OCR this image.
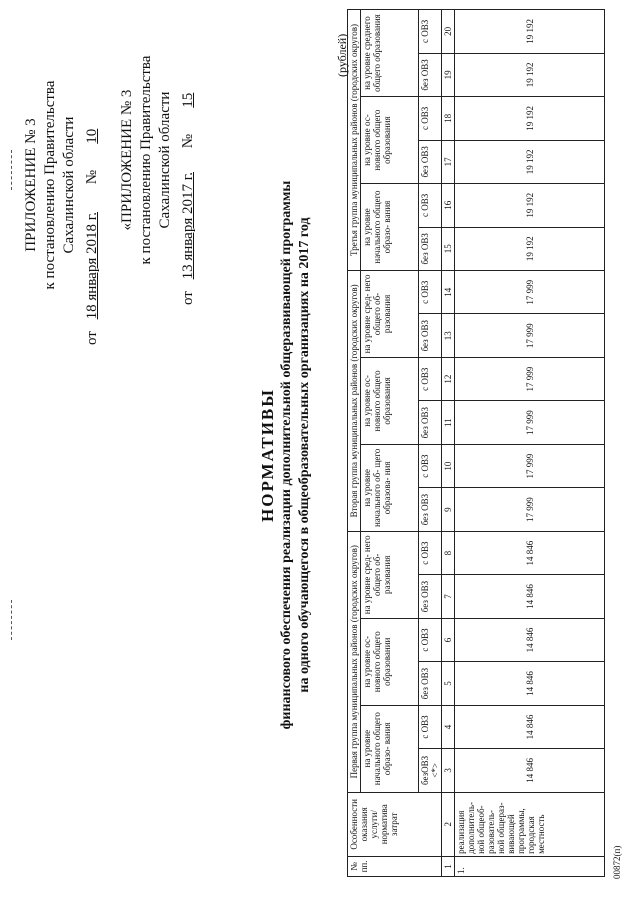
ПРИЛОЖЕНИЕ № 3 к постановлению Правительства Сахалинской области
от 18 января 2018 г. № 10 «ПРИЛОЖЕНИЕ № 3 к постановлению Правительства Сахалинской области
от 13 января 2017 г. № 15
НОРМАТИВЫ финансового обеспечения реализации дополнительной общеразвивающей программы на одного обучающегося в общеобразовательных организациях на 2017 год
(рублей)
№ пп.	Особенности оказания услуги/ норматива затрат	Первая группа муниципальных районов (городских округов)						Вторая группа муниципальных районов (городских округов)						Третья группа муниципальных районов (городских округов)					
		на уровне начального общего образо- вания		на уровне ос- новного общего образовании		на уровне сред- него общего об- разования		на уровне начального об- щего образова- ния		на уровне ос- новного общего образования		на уровне сред- него общего об- разования		на уровне начального общего образо- вания		на уровне ос- новного общего образования		на уровне среднего общего образования	
		безОВЗ <*>	с ОВЗ	без ОВЗ	с ОВЗ	без ОВЗ	с ОВЗ	без ОВЗ	с ОВЗ	без ОВЗ	с ОВЗ	без ОВЗ	с ОВЗ	без ОВЗ	с ОВЗ	без ОВЗ	с ОВЗ	без ОВЗ	с ОВЗ
1	2	3	4	5	6	7	8	9	10	11	12	13	14	15	16	17	18	19	20
1.	реализация дополнитель- ной общеоб- разователь- ной общераз- вивающей программы, городская местность	14 846	14 846	14 846	14 846	14 846	14 846	17 999	17 999	17 999	17 999	17 999	17 999	19 192	19 192	19 192	19 192	19 192	19 192
00872(п)
